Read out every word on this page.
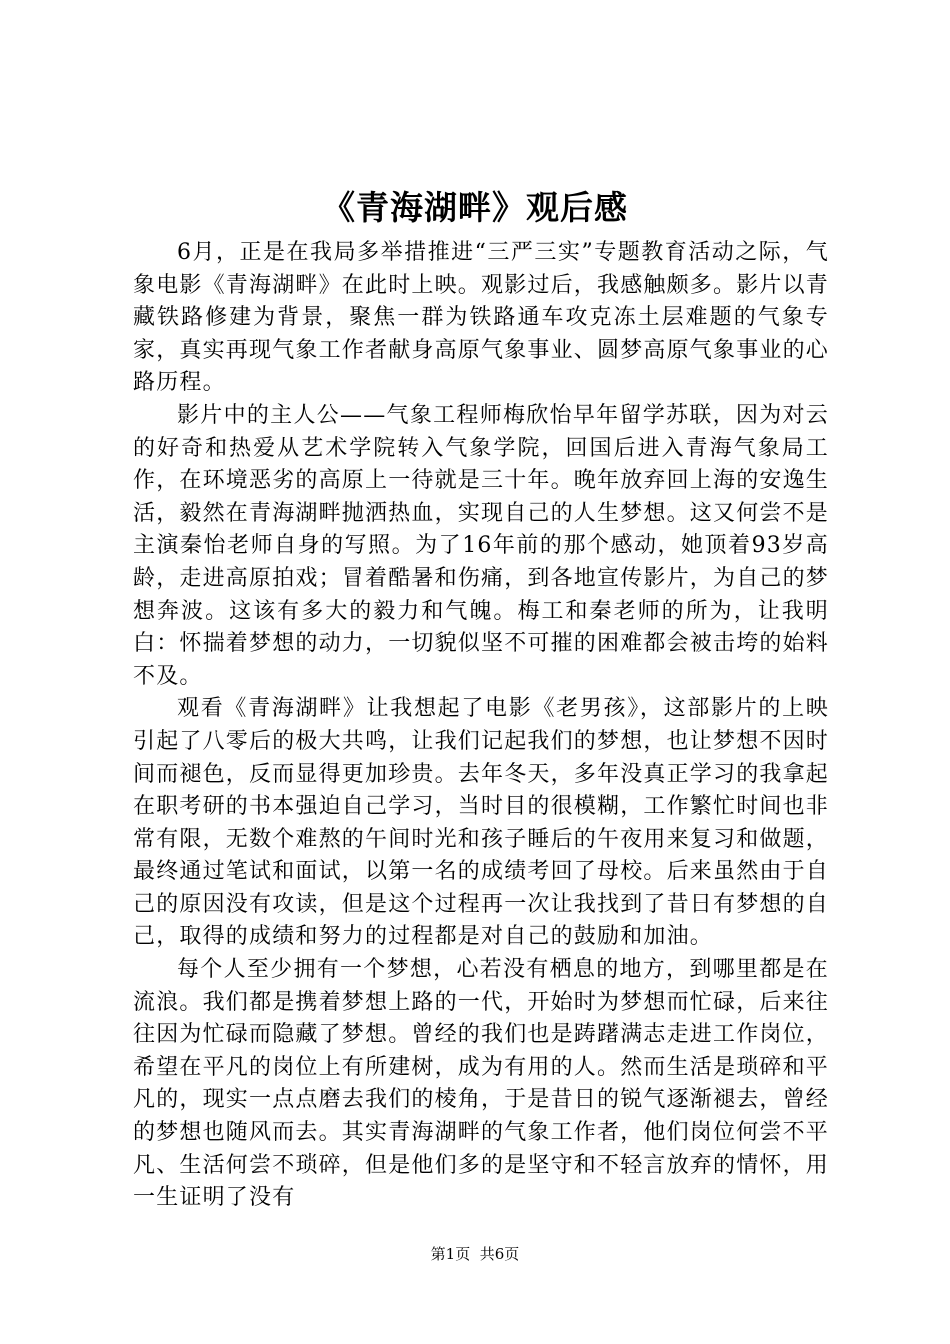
《青海湖畔》观后感

6月，正是在我局多举措推进“三严三实”专题教育活动之际，气象电影《青海湖畔》在此时上映。观影过后，我感触颇多。影片以青藏铁路修建为背景，聚焦一群为铁路通车攻克冻土层难题的气象专家，真实再现气象工作者献身高原气象事业、圆梦高原气象事业的心路历程。

影片中的主人公——气象工程师梅欣怡早年留学苏联，因为对云的好奇和热爱从艺术学院转入气象学院，回国后进入青海气象局工作，在环境恶劣的高原上一待就是三十年。晚年放弃回上海的安逸生活，毅然在青海湖畔抛洒热血，实现自己的人生梦想。这又何尝不是主演秦怡老师自身的写照。为了16年前的那个感动，她顶着93岁高龄，走进高原拍戏；冒着酷暑和伤痛，到各地宣传影片，为自己的梦想奔波。这该有多大的毅力和气魄。梅工和秦老师的所为，让我明白：怀揣着梦想的动力，一切貌似坚不可摧的困难都会被击垮的始料不及。

观看《青海湖畔》让我想起了电影《老男孩》，这部影片的上映引起了八零后的极大共鸣，让我们记起我们的梦想，也让梦想不因时间而褪色，反而显得更加珍贵。去年冬天，多年没真正学习的我拿起在职考研的书本强迫自己学习，当时目的很模糊，工作繁忙时间也非常有限，无数个难熬的午间时光和孩子睡后的午夜用来复习和做题，最终通过笔试和面试，以第一名的成绩考回了母校。后来虽然由于自己的原因没有攻读，但是这个过程再一次让我找到了昔日有梦想的自己，取得的成绩和努力的过程都是对自己的鼓励和加油。

每个人至少拥有一个梦想，心若没有栖息的地方，到哪里都是在流浪。我们都是携着梦想上路的一代，开始时为梦想而忙碌，后来往往因为忙碌而隐藏了梦想。曾经的我们也是踌躇满志走进工作岗位，希望在平凡的岗位上有所建树，成为有用的人。然而生活是琐碎和平凡的，现实一点点磨去我们的棱角，于是昔日的锐气逐渐褪去，曾经的梦想也随风而去。其实青海湖畔的气象工作者，他们岗位何尝不平凡、生活何尝不琐碎，但是他们多的是坚守和不轻言放弃的情怀，用一生证明了没有

第1页 共6页
